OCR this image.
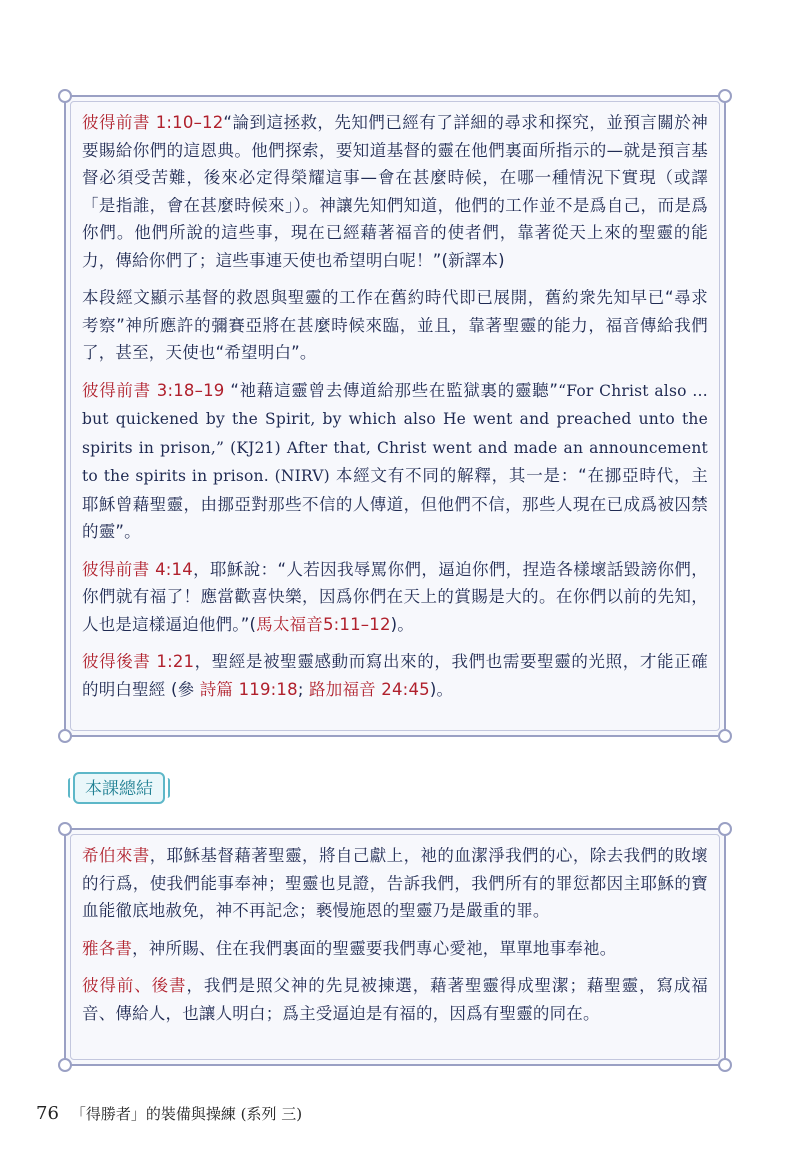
彼得前書 1:10–12“論到這拯救，先知們已經有了詳細的尋求和探究，並預言關於神要賜給你們的這恩典。他們探索，要知道基督的靈在他們裏面所指示的—就是預言基督必須受苦難，後來必定得榮耀這事—會在甚麼時候，在哪一種情況下實現（或譯「是指誰，會在甚麼時候來」）。神讓先知們知道，他們的工作並不是爲自己，而是爲你們。他們所說的這些事，現在已經藉著福音的使者們，靠著從天上來的聖靈的能力，傳給你們了；這些事連天使也希望明白呢！”(新譯本)

本段經文顯示基督的救恩與聖靈的工作在舊約時代即已展開，舊約衆先知早已“尋求考察”神所應許的彌賽亞將在甚麼時候來臨，並且，靠著聖靈的能力，福音傳給我們了，甚至，天使也“希望明白”。

彼得前書 3:18–19 “祂藉這靈曾去傳道給那些在監獄裏的靈聽”“For Christ also … but quickened by the Spirit, by which also He went and preached unto the spirits in prison,” (KJ21) After that, Christ went and made an announcement to the spirits in prison. (NIRV) 本經文有不同的解釋，其一是：“在挪亞時代，主耶穌曾藉聖靈，由挪亞對那些不信的人傳道，但他們不信，那些人現在已成爲被囚禁的靈”。

彼得前書 4:14，耶穌說：“人若因我辱罵你們，逼迫你們，捏造各樣壞話毀謗你們，你們就有福了！應當歡喜快樂，因爲你們在天上的賞賜是大的。在你們以前的先知，人也是這樣逼迫他們。”(馬太福音5:11–12)。

彼得後書 1:21，聖經是被聖靈感動而寫出來的，我們也需要聖靈的光照，才能正確的明白聖經 (參 詩篇 119:18; 路加福音 24:45)。

本課總結

希伯來書，耶穌基督藉著聖靈，將自己獻上，祂的血潔淨我們的心，除去我們的敗壞的行爲，使我們能事奉神；聖靈也見證，告訴我們，我們所有的罪愆都因主耶穌的寶血能徹底地赦免，神不再記念；褻慢施恩的聖靈乃是嚴重的罪。

雅各書，神所賜、住在我們裏面的聖靈要我們專心愛祂，單單地事奉祂。

彼得前、後書，我們是照父神的先見被揀選，藉著聖靈得成聖潔；藉聖靈，寫成福音、傳給人，也讓人明白；爲主受逼迫是有福的，因爲有聖靈的同在。

76 「得勝者」的裝備與操練 (系列 三)
